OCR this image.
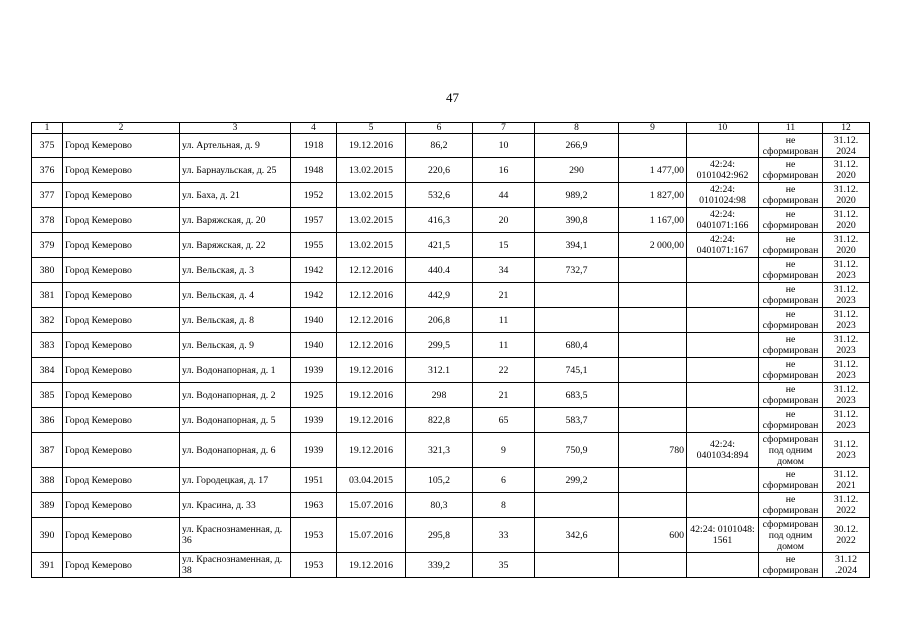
47
1	2	3	4	5	6	7	8	9	10	11	12
375	Город Кемерово	ул. Артельная, д. 9	1918	19.12.2016	86,2	10	266,9			не сформирован	31.12. 2024
376	Город Кемерово	ул. Барнаульская, д. 25	1948	13.02.2015	220,6	16	290	1 477,00	42:24: 0101042:962	не сформирован	31.12. 2020
377	Город Кемерово	ул. Баха, д. 21	1952	13.02.2015	532,6	44	989,2	1 827,00	42:24: 0101024:98	не сформирован	31.12. 2020
378	Город Кемерово	ул. Варяжская, д. 20	1957	13.02.2015	416,3	20	390,8	1 167,00	42:24: 0401071:166	не сформирован	31.12. 2020
379	Город Кемерово	ул. Варяжская, д. 22	1955	13.02.2015	421,5	15	394,1	2 000,00	42:24: 0401071:167	не сформирован	31.12. 2020
380	Город Кемерово	ул. Вельская, д. 3	1942	12.12.2016	440.4	34	732,7			не сформирован	31.12. 2023
381	Город Кемерово	ул. Вельская, д. 4	1942	12.12.2016	442,9	21				не сформирован	31.12. 2023
382	Город Кемерово	ул. Вельская, д. 8	1940	12.12.2016	206,8	11				не сформирован	31.12. 2023
383	Город Кемерово	ул. Вельская, д. 9	1940	12.12.2016	299,5	11	680,4			не сформирован	31.12. 2023
384	Город Кемерово	ул. Водонапорная, д. 1	1939	19.12.2016	312.1	22	745,1			не сформирован	31.12. 2023
385	Город Кемерово	ул. Водонапорная, д. 2	1925	19.12.2016	298	21	683,5			не сформирован	31.12. 2023
386	Город Кемерово	ул. Водонапорная, д. 5	1939	19.12.2016	822,8	65	583,7			не сформирован	31.12. 2023
387	Город Кемерово	ул. Водонапорная, д. 6	1939	19.12.2016	321,3	9	750,9	780	42:24: 0401034:894	сформирован под одним домом	31.12. 2023
388	Город Кемерово	ул. Городецкая, д. 17	1951	03.04.2015	105,2	6	299,2			не сформирован	31.12. 2021
389	Город Кемерово	ул. Красина, д. 33	1963	15.07.2016	80,3	8				не сформирован	31.12. 2022
390	Город Кемерово	ул. Краснознаменная, д. 36	1953	15.07.2016	295,8	33	342,6	600	42:24: 0101048: 1561	сформирован под одним домом	30.12. 2022
391	Город Кемерово	ул. Краснознаменная, д. 38	1953	19.12.2016	339,2	35				не сформирован	31.12 .2024
